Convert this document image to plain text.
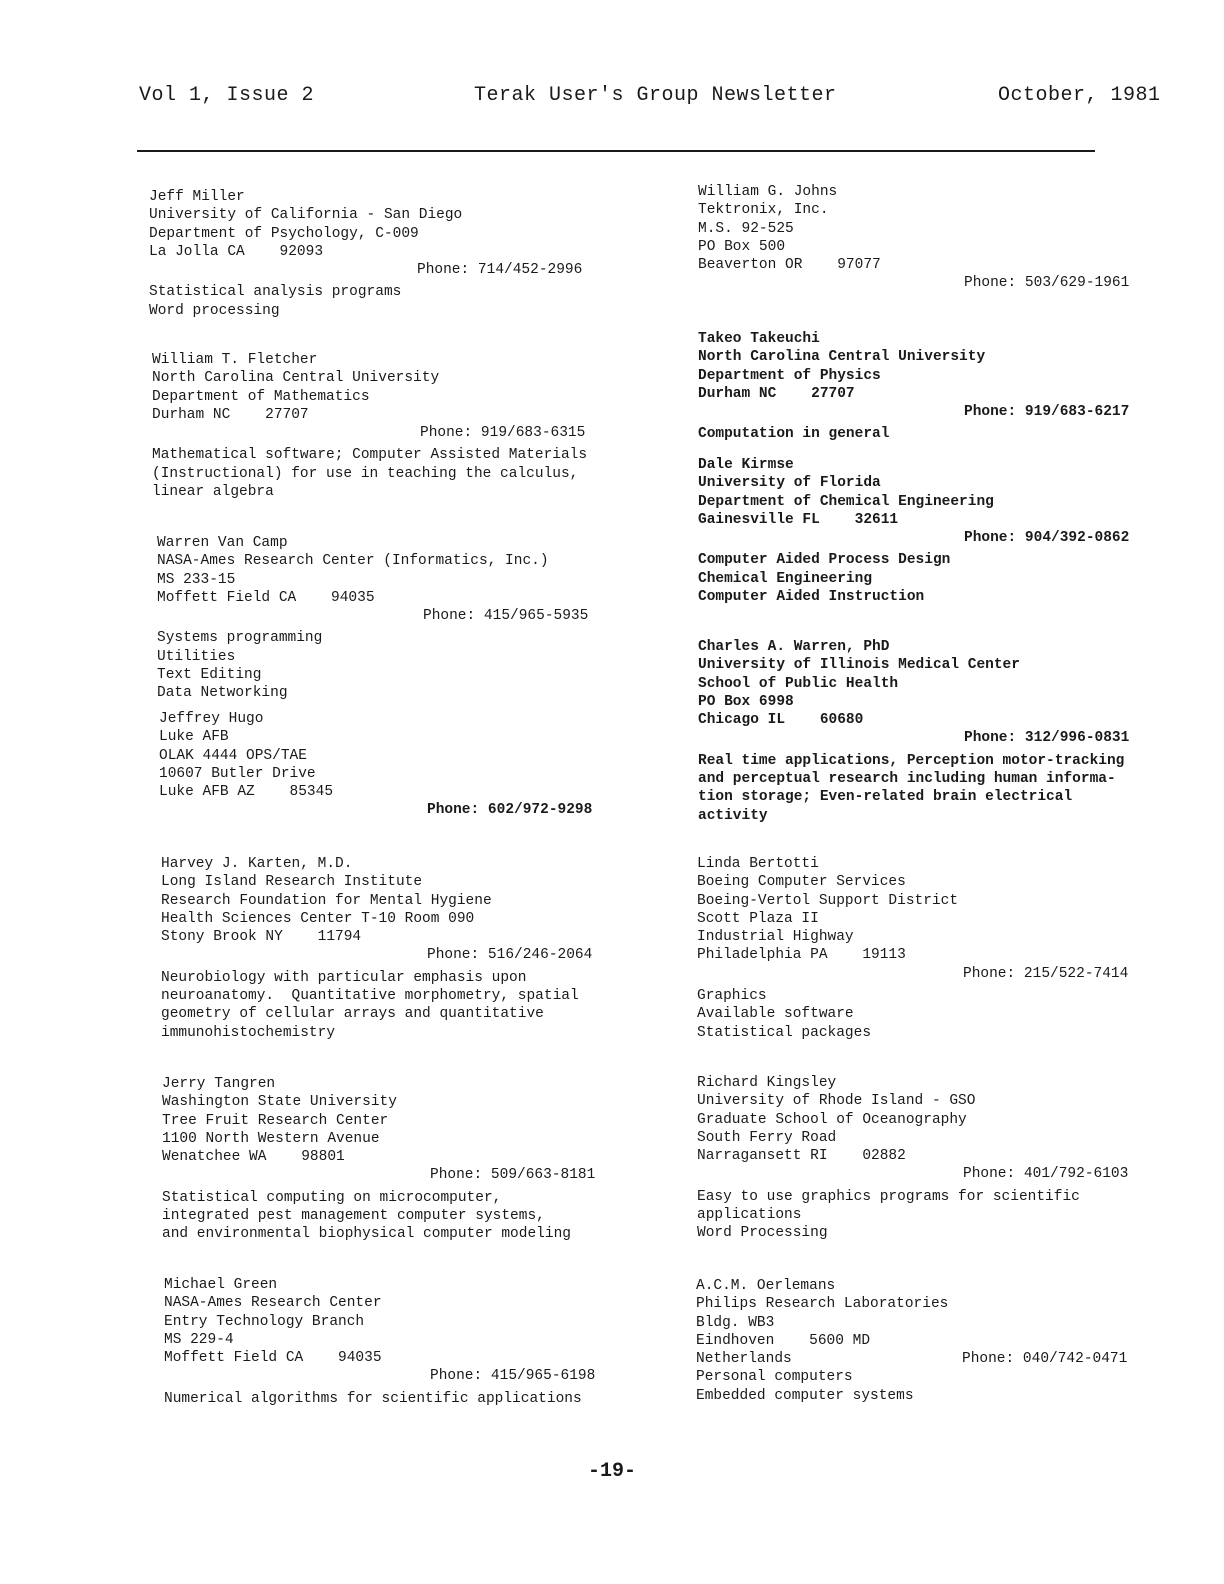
Vol 1, Issue 2	Terak User's Group Newsletter	October, 1981
Jeff Miller
University of California - San Diego
Department of Psychology, C-009
La Jolla CA    92093
Phone: 714/452-2996
Statistical analysis programs
Word processing
William T. Fletcher
North Carolina Central University
Department of Mathematics
Durham NC    27707
Phone: 919/683-6315
Mathematical software; Computer Assisted Materials
(Instructional) for use in teaching the calculus,
linear algebra
Warren Van Camp
NASA-Ames Research Center (Informatics, Inc.)
MS 233-15
Moffett Field CA    94035
Phone: 415/965-5935
Systems programming
Utilities
Text Editing
Data Networking
Jeffrey Hugo
Luke AFB
OLAK 4444 OPS/TAE
10607 Butler Drive
Luke AFB AZ    85345
Phone: 602/972-9298
Harvey J. Karten, M.D.
Long Island Research Institute
Research Foundation for Mental Hygiene
Health Sciences Center T-10 Room 090
Stony Brook NY    11794
Phone: 516/246-2064
Neurobiology with particular emphasis upon
neuroanatomy.  Quantitative morphometry, spatial
geometry of cellular arrays and quantitative
immunohistochemistry
Jerry Tangren
Washington State University
Tree Fruit Research Center
1100 North Western Avenue
Wenatchee WA    98801
Phone: 509/663-8181
Statistical computing on microcomputer,
integrated pest management computer systems,
and environmental biophysical computer modeling
Michael Green
NASA-Ames Research Center
Entry Technology Branch
MS 229-4
Moffett Field CA    94035
Phone: 415/965-6198
Numerical algorithms for scientific applications
William G. Johns
Tektronix, Inc.
M.S. 92-525
PO Box 500
Beaverton OR    97077
Phone: 503/629-1961
Takeo Takeuchi
North Carolina Central University
Department of Physics
Durham NC    27707
Phone: 919/683-6217
Computation in general
Dale Kirmse
University of Florida
Department of Chemical Engineering
Gainesville FL    32611
Phone: 904/392-0862
Computer Aided Process Design
Chemical Engineering
Computer Aided Instruction
Charles A. Warren, PhD
University of Illinois Medical Center
School of Public Health
PO Box 6998
Chicago IL    60680
Phone: 312/996-0831
Real time applications, Perception motor-tracking
and perceptual research including human informa-
tion storage; Even-related brain electrical
activity
Linda Bertotti
Boeing Computer Services
Boeing-Vertol Support District
Scott Plaza II
Industrial Highway
Philadelphia PA    19113
Phone: 215/522-7414
Graphics
Available software
Statistical packages
Richard Kingsley
University of Rhode Island - GSO
Graduate School of Oceanography
South Ferry Road
Narragansett RI    02882
Phone: 401/792-6103
Easy to use graphics programs for scientific
applications
Word Processing
A.C.M. Oerlemans
Philips Research Laboratories
Bldg. WB3
Eindhoven    5600 MD
Netherlands	Phone: 040/742-0471
Personal computers
Embedded computer systems
-19-
